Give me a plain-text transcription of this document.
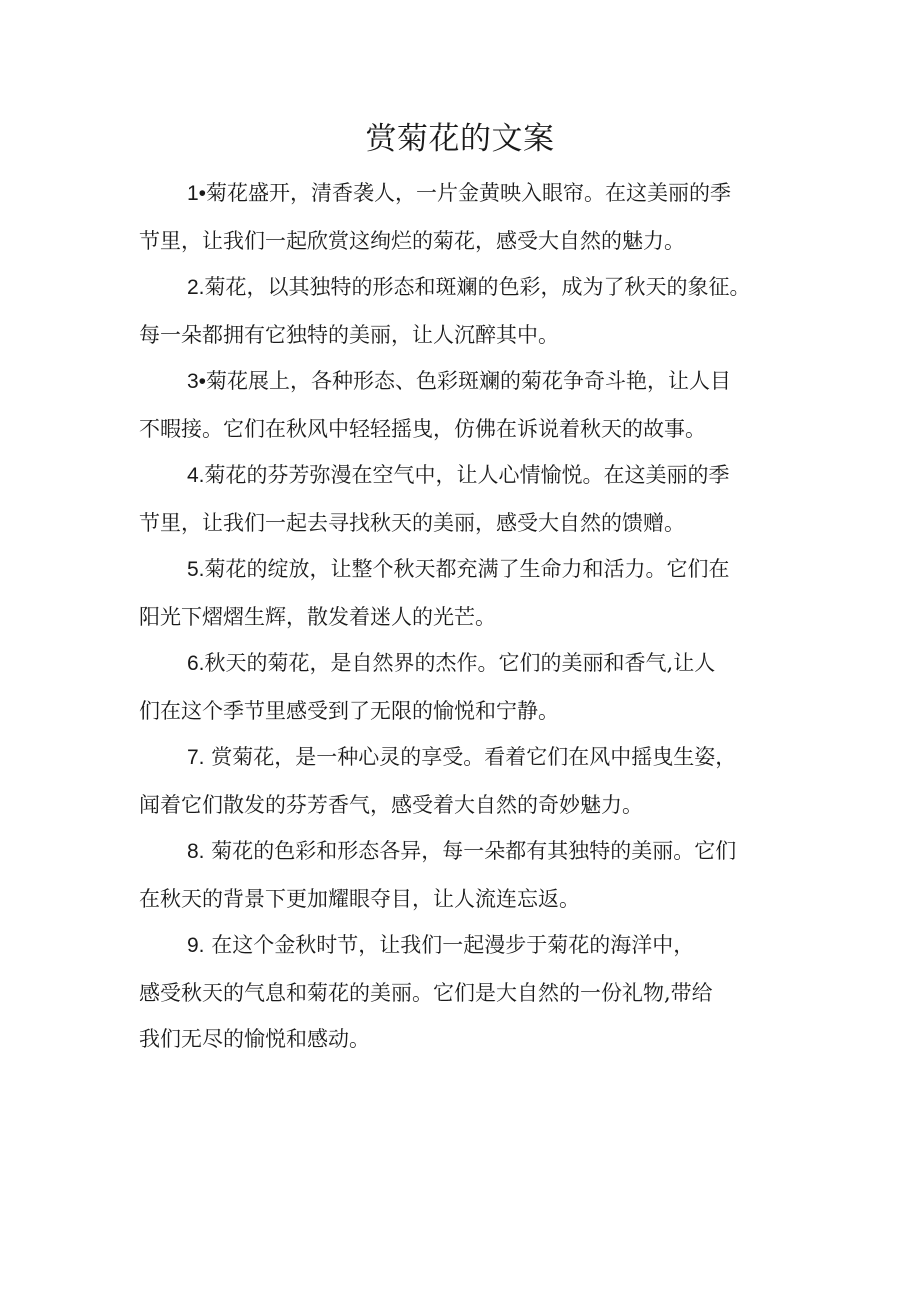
赏菊花的文案

1•菊花盛开，清香袭人，一片金黄映入眼帘。在这美丽的季
节里，让我们一起欣赏这绚烂的菊花，感受大自然的魅力。

2.菊花，以其独特的形态和斑斓的色彩，成为了秋天的象征。
每一朵都拥有它独特的美丽，让人沉醉其中。

3•菊花展上，各种形态、色彩斑斓的菊花争奇斗艳，让人目
不暇接。它们在秋风中轻轻摇曳，仿佛在诉说着秋天的故事。

4.菊花的芬芳弥漫在空气中，让人心情愉悦。在这美丽的季
节里，让我们一起去寻找秋天的美丽，感受大自然的馈赠。

5.菊花的绽放，让整个秋天都充满了生命力和活力。它们在
阳光下熠熠生辉，散发着迷人的光芒。

6.秋天的菊花，是自然界的杰作。它们的美丽和香气,让人
们在这个季节里感受到了无限的愉悦和宁静。

7. 赏菊花，是一种心灵的享受。看着它们在风中摇曳生姿，
闻着它们散发的芬芳香气，感受着大自然的奇妙魅力。

8. 菊花的色彩和形态各异，每一朵都有其独特的美丽。它们
在秋天的背景下更加耀眼夺目，让人流连忘返。

9. 在这个金秋时节，让我们一起漫步于菊花的海洋中，
感受秋天的气息和菊花的美丽。它们是大自然的一份礼物,带给
我们无尽的愉悦和感动。
